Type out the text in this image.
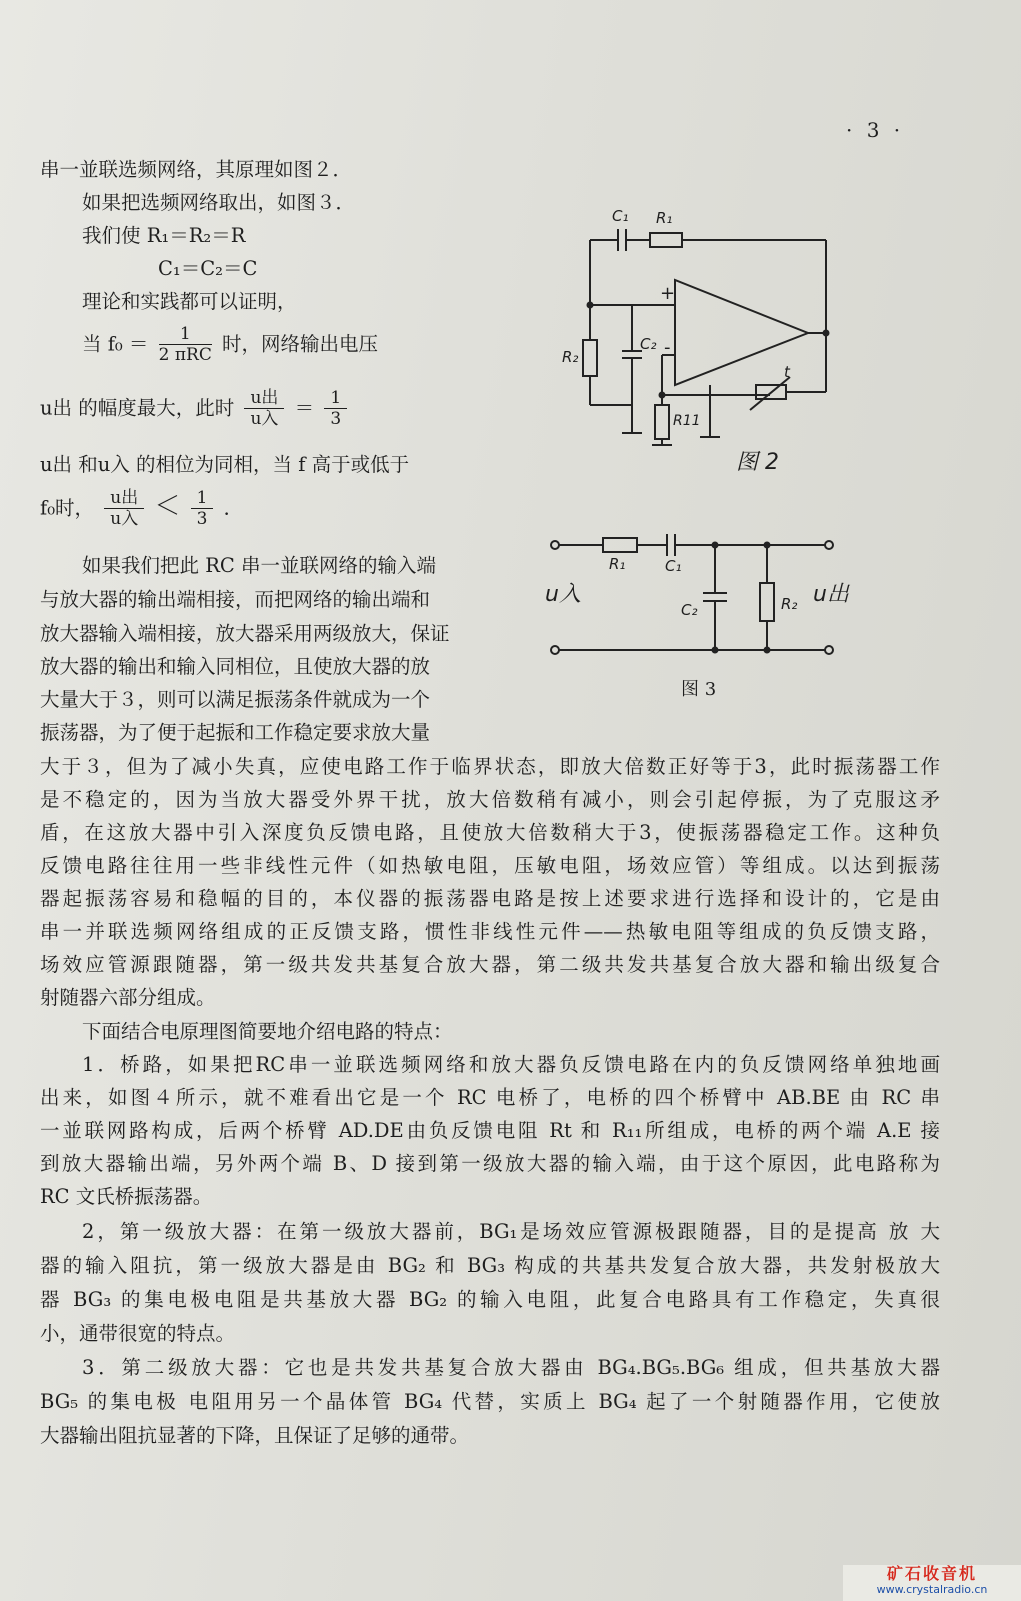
· 3 ·
串一並联选频网络，其原理如图２．
如果把选频网络取出，如图３．
我们使 R₁＝R₂＝R
C₁＝C₂＝C
理论和实践都可以证明，
当 $f_0 = \frac{1}{\text{2 πRC}}$ 时，网络输出电压
u出 的幅度最大，此时 $\frac{\text{u出}}{\text{u入}} = \frac{1}{3}$
u出 和u入 的相位为同相，当 f 高于或低于
f₀时， $\frac{\text{u出}}{\text{u入}} < \frac{1}{3}$ ．
如果我们把此 RC 串一並联网络的输入端
与放大器的输出端相接，而把网络的输出端和
放大器输入端相接，放大器采用两级放大，保证
放大器的输出和输入同相位，且使放大器的放
大量大于３，则可以满足振荡条件就成为一个
振荡器，为了便于起振和工作稳定要求放大量
大于３，但为了减小失真，应使电路工作于临界状态，即放大倍数正好等于3，此时振荡器工作
是不稳定的，因为当放大器受外界干扰，放大倍数稍有减小，则会引起停振，为了克服这矛
盾，在这放大器中引入深度负反馈电路，且使放大倍数稍大于3，使振荡器稳定工作。这种负
反馈电路往往用一些非线性元件（如热敏电阻，压敏电阻，场效应管）等组成。以达到振荡
器起振荡容易和稳幅的目的，本仪器的振荡器电路是按上述要求进行选择和设计的，它是由
串一并联选频网络组成的正反馈支路，惯性非线性元件——热敏电阻等组成的负反馈支路，
场效应管源跟随器，第一级共发共基复合放大器，第二级共发共基复合放大器和输出级复合
射随器六部分组成。
下面结合电原理图简要地介绍电路的特点：
1．桥路，如果把RC串一並联选频网络和放大器负反馈电路在内的负反馈网络单独地画
出来，如图４所示，就不难看出它是一个 RC 电桥了，电桥的四个桥臂中 AB.BE 由 RC 串
一並联网路构成，后两个桥臂 AD.DE由负反馈电阻 Rt 和 R₁₁所组成，电桥的两个端 A.E 接
到放大器输出端，另外两个端 B、D 接到第一级放大器的输入端，由于这个原因，此电路称为
RC 文氏桥振荡器。
2，第一级放大器：在第一级放大器前，BG₁是场效应管源极跟随器，目的是提高 放 大
器的输入阻抗，第一级放大器是由 BG₂ 和 BG₃ 构成的共基共发复合放大器，共发射极放大
器 BG₃ 的集电极电阻是共基放大器 BG₂ 的输入电阻，此复合电路具有工作稳定，失真很
小，通带很宽的特点。
3．第二级放大器：它也是共发共基复合放大器由 BG₄.BG₅.BG₆ 组成，但共基放大器
BG₅ 的集电极 电阻用另一个晶体管 BG₄ 代替，实质上 BG₄ 起了一个射随器作用，它使放
大器输出阻抗显著的下降，且保证了足够的通带。
C₁ R₁
R₂
C₂
R11
+
-
t
图 2
R₁	C₁
C₂	R₂
u入	u出
图 3
矿石收音机
www.crystalradio.cn
